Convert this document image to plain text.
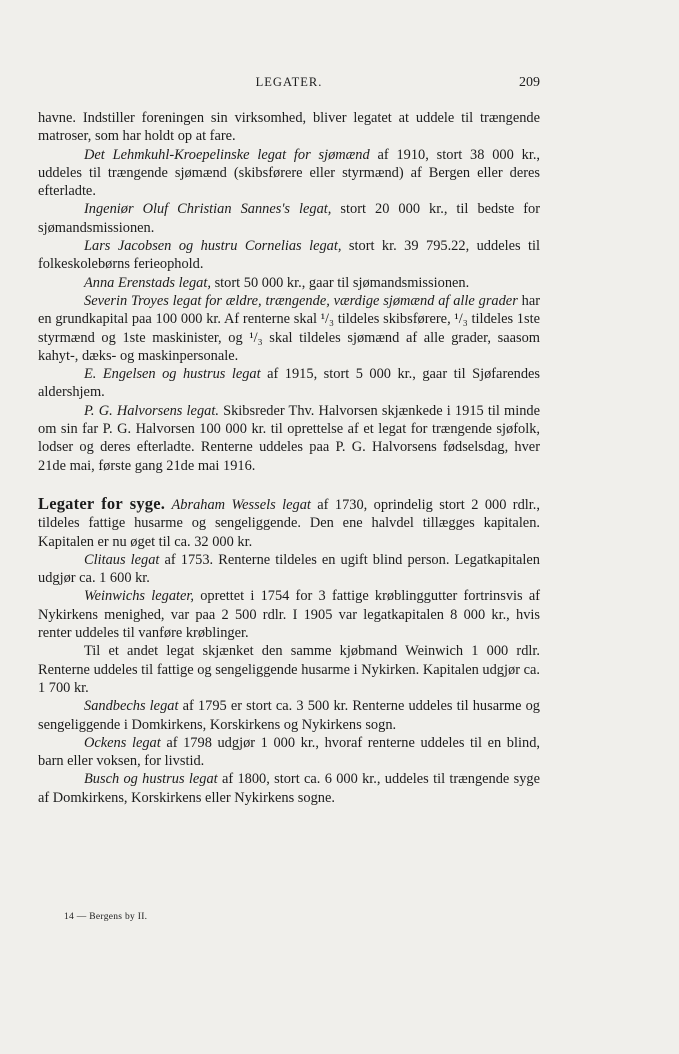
LEGATER.	209

havne. Indstiller foreningen sin virksomhed, bliver legatet at uddele til trængende matroser, som har holdt op at fare.

Det Lehmkuhl-Kroepelinske legat for sjømænd af 1910, stort 38 000 kr., uddeles til trængende sjømænd (skibsførere eller styrmænd) af Bergen eller deres efterladte.

Ingeniør Oluf Christian Sannes's legat, stort 20 000 kr., til bedste for sjømandsmissionen.

Lars Jacobsen og hustru Cornelias legat, stort kr. 39 795.22, uddeles til folkeskolebørns ferieophold.

Anna Erenstads legat, stort 50 000 kr., gaar til sjømandsmissionen.

Severin Troyes legat for ældre, trængende, værdige sjømænd af alle grader har en grundkapital paa 100 000 kr. Af renterne skal ¹/₃ tildeles skibsførere, ¹/₃ tildeles 1ste styrmænd og 1ste maskinister, og ¹/₃ skal tildeles sjømænd af alle grader, saasom kahyt-, dæks- og maskinpersonale.

E. Engelsen og hustrus legat af 1915, stort 5 000 kr., gaar til Sjøfarendes aldershjem.

P. G. Halvorsens legat. Skibsreder Thv. Halvorsen skjænkede i 1915 til minde om sin far P. G. Halvorsen 100 000 kr. til oprettelse af et legat for trængende sjøfolk, lodser og deres efterladte. Renterne uddeles paa P. G. Halvorsens fødselsdag, hver 21de mai, første gang 21de mai 1916.

Legater for syge. Abraham Wessels legat af 1730, oprindelig stort 2 000 rdlr., tildeles fattige husarme og sengeliggende. Den ene halvdel tillægges kapitalen. Kapitalen er nu øget til ca. 32 000 kr.

Clitaus legat af 1753. Renterne tildeles en ugift blind person. Legatkapitalen udgjør ca. 1 600 kr.

Weinwichs legater, oprettet i 1754 for 3 fattige krøblinggutter fortrinsvis af Nykirkens menighed, var paa 2 500 rdlr. I 1905 var legatkapitalen 8 000 kr., hvis renter uddeles til vanføre krøblinger.

Til et andet legat skjænket den samme kjøbmand Weinwich 1 000 rdlr. Renterne uddeles til fattige og sengeliggende husarme i Nykirken. Kapitalen udgjør ca. 1 700 kr.

Sandbechs legat af 1795 er stort ca. 3 500 kr. Renterne uddeles til husarme og sengeliggende i Domkirkens, Korskirkens og Nykirkens sogn.

Ockens legat af 1798 udgjør 1 000 kr., hvoraf renterne uddeles til en blind, barn eller voksen, for livstid.

Busch og hustrus legat af 1800, stort ca. 6 000 kr., uddeles til trængende syge af Domkirkens, Korskirkens eller Nykirkens sogne.

14 — Bergens by II.
